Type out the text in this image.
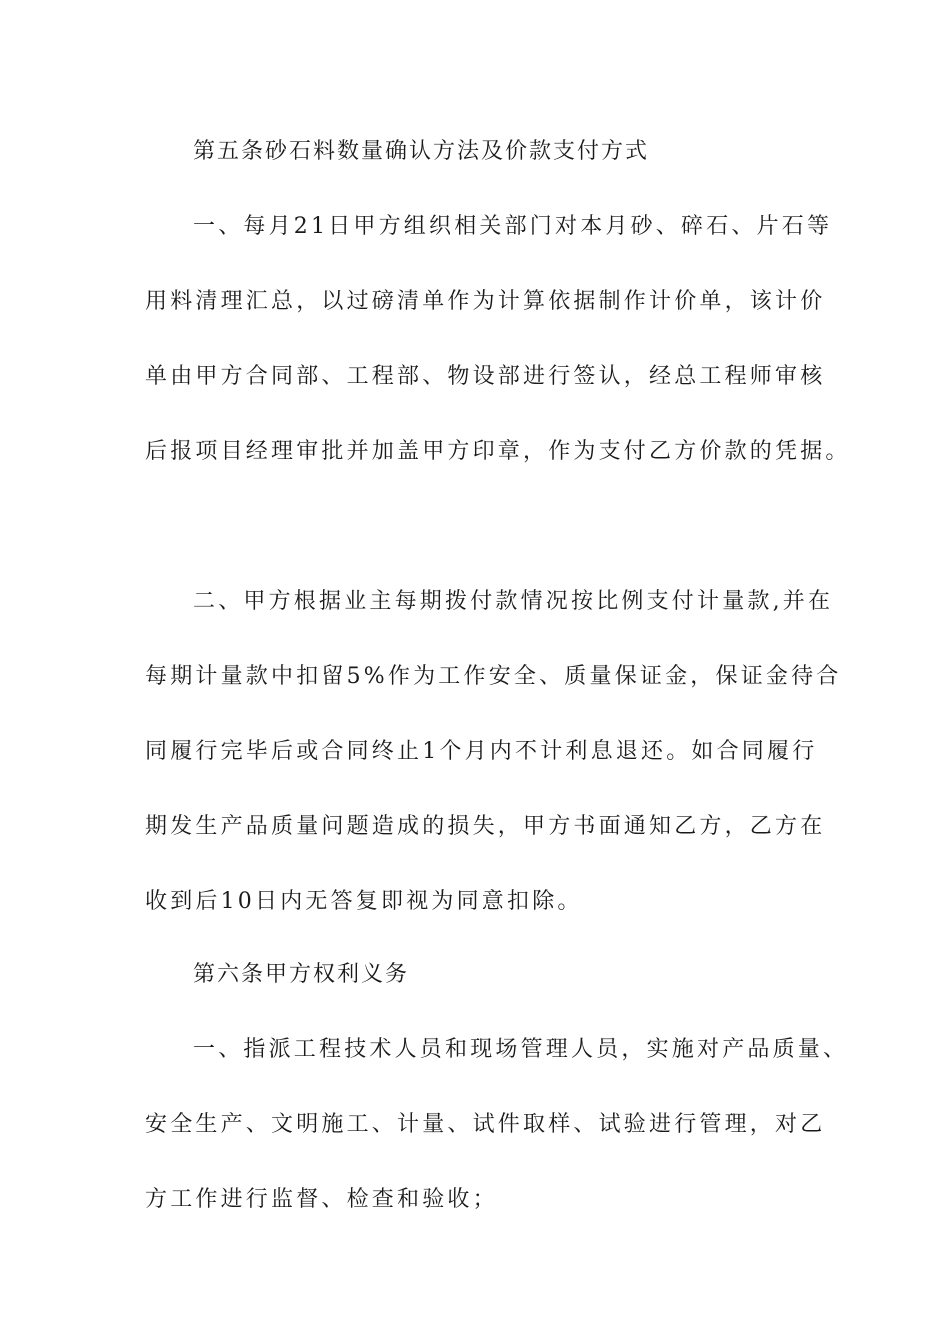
第五条砂石料数量确认方法及价款支付方式
一、每月21日甲方组织相关部门对本月砂、碎石、片石等
用料清理汇总，以过磅清单作为计算依据制作计价单，该计价
单由甲方合同部、工程部、物设部进行签认，经总工程师审核
后报项目经理审批并加盖甲方印章，作为支付乙方价款的凭据。
二、甲方根据业主每期拨付款情况按比例支付计量款,并在
每期计量款中扣留5%作为工作安全、质量保证金，保证金待合
同履行完毕后或合同终止1个月内不计利息退还。如合同履行
期发生产品质量问题造成的损失，甲方书面通知乙方，乙方在
收到后10日内无答复即视为同意扣除。
第六条甲方权利义务
一、指派工程技术人员和现场管理人员，实施对产品质量、
安全生产、文明施工、计量、试件取样、试验进行管理，对乙
方工作进行监督、检查和验收；
